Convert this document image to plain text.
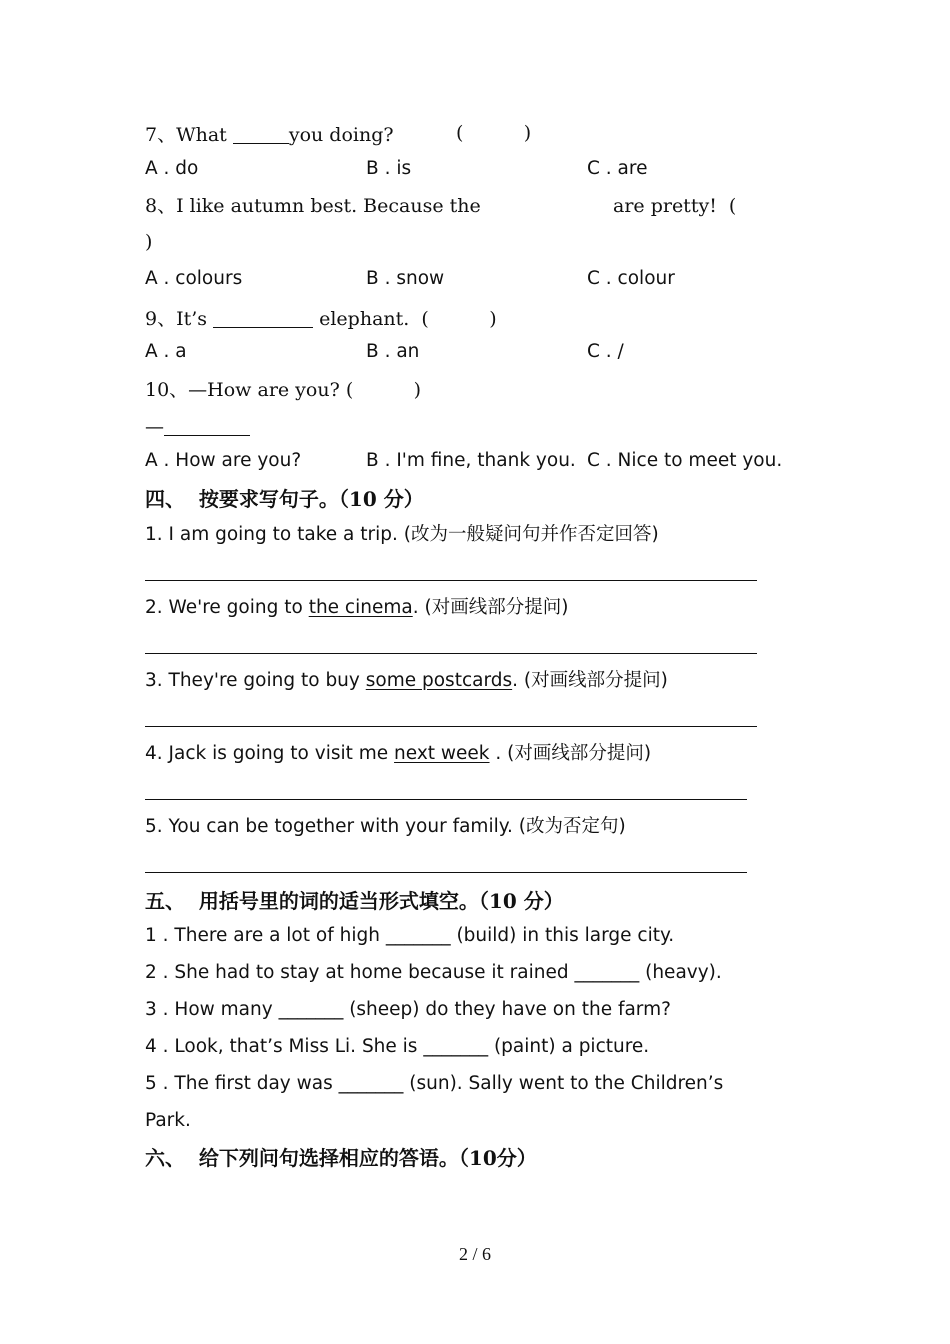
7、What	you doing?	(          )
A . do	B . is	C . are
8、I like autumn best. Because the	are pretty!  (
)
A . colours	B . snow	C . colour
9、It’s	elephant.  (          )
A . a	B . an	C . /
10、—How are you? (          )
—
A . How are you?	B . I'm fine, thank you. C . Nice to meet you.
四、  按要求写句子。（10 分）
1. I am going to take a trip. (改为一般疑问句并作否定回答)
2. We're going to the cinema. (对画线部分提问)
3. They're going to buy some postcards. (对画线部分提问)
4. Jack is going to visit me next week . (对画线部分提问)
5. You can be together with your family. (改为否定句)
五、  用括号里的词的适当形式填空。（10 分）
1 . There are a lot of high _______ (build) in this large city.
2 . She had to stay at home because it rained _______ (heavy).
3 . How many _______ (sheep) do they have on the farm?
4 . Look, that’s Miss Li. She is _______ (paint) a picture.
5 . The first day was _______ (sun). Sally went to the Children’s
Park.
六、  给下列问句选择相应的答语。（10分）
2 / 6
